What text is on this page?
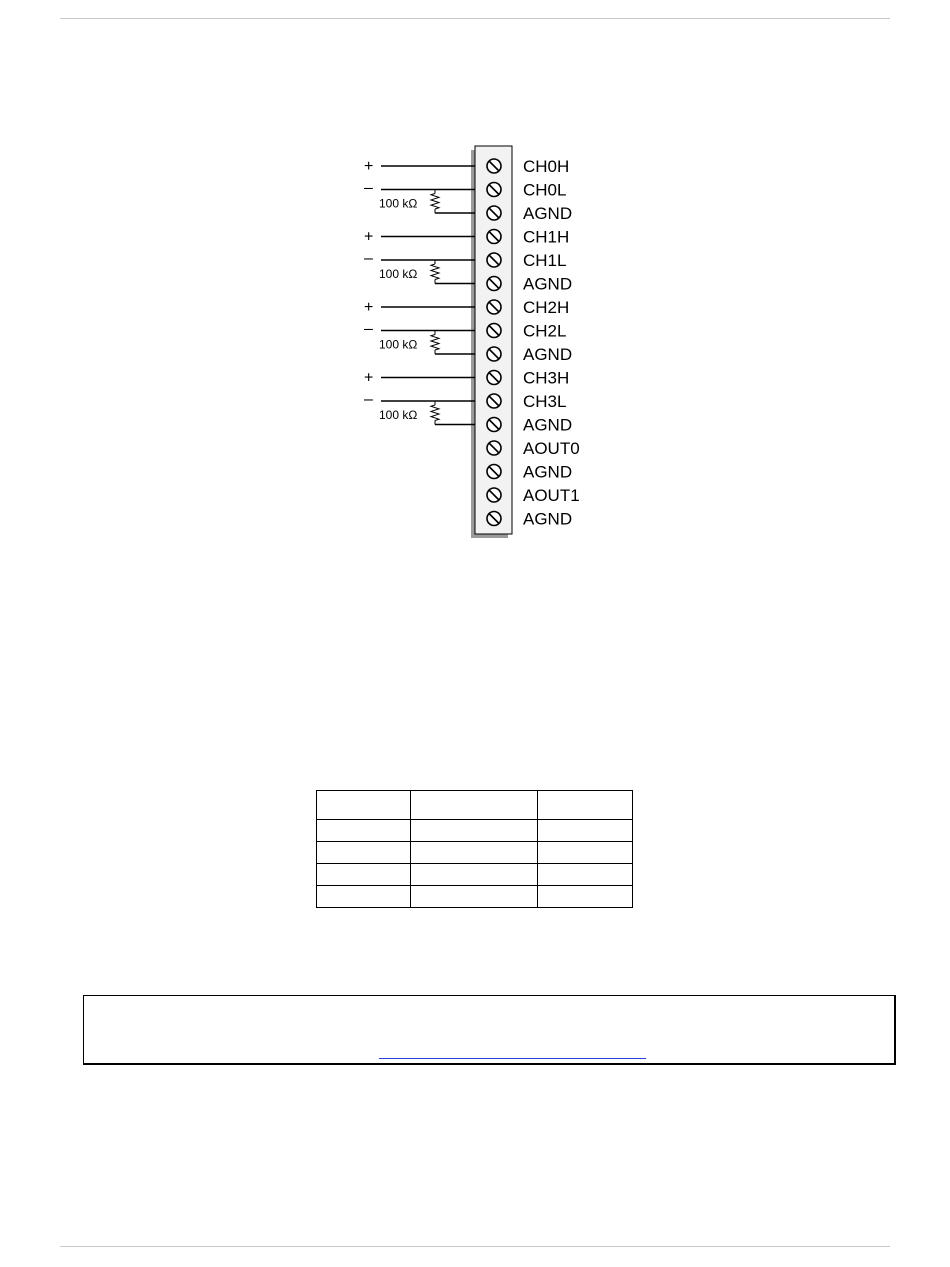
CH0H
CH0L
AGND
CH1H
CH1L
AGND
CH2H
CH2L
AGND
CH3H
CH3L
AGND
AOUT0
AGND
AOUT1
AGND
+
–
100 kΩ
+
–
100 kΩ
+
–
100 kΩ
+
–
100 kΩ
